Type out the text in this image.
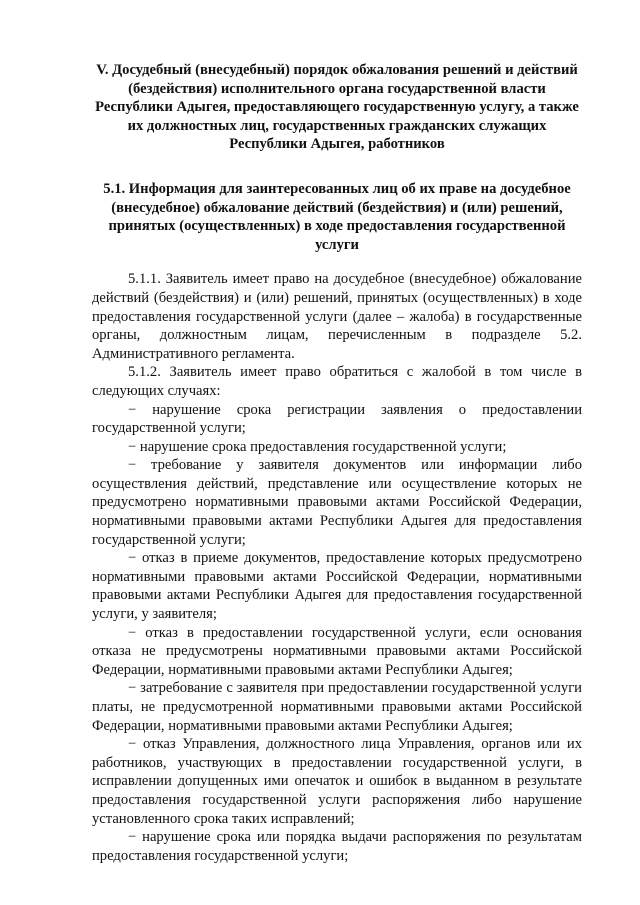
V. Досудебный (внесудебный) порядок обжалования решений и действий (бездействия) исполнительного органа государственной власти Республики Адыгея, предоставляющего государственную услугу, а также их должностных лиц, государственных гражданских служащих Республики Адыгея, работников
5.1. Информация для заинтересованных лиц об их праве на досудебное (внесудебное) обжалование действий (бездействия) и (или) решений, принятых (осуществленных) в ходе предоставления государственной услуги

5.1.1. Заявитель имеет право на досудебное (внесудебное) обжалование действий (бездействия) и (или) решений, принятых (осуществленных) в ходе предоставления государственной услуги (далее – жалоба) в государственные органы, должностным лицам, перечисленным в подразделе 5.2. Административного регламента.

5.1.2. Заявитель имеет право обратиться с жалобой в том числе в следующих случаях:

− нарушение срока регистрации заявления о предоставлении государственной услуги;

− нарушение срока предоставления государственной услуги;

− требование у заявителя документов или информации либо осуществления действий, представление или осуществление которых не предусмотрено нормативными правовыми актами Российской Федерации, нормативными правовыми актами Республики Адыгея для предоставления государственной услуги;

− отказ в приеме документов, предоставление которых предусмотрено нормативными правовыми актами Российской Федерации, нормативными правовыми актами Республики Адыгея для предоставления государственной услуги, у заявителя;

− отказ в предоставлении государственной услуги, если основания отказа не предусмотрены нормативными правовыми актами Российской Федерации, нормативными правовыми актами Республики Адыгея;

− затребование с заявителя при предоставлении государственной услуги платы, не предусмотренной нормативными правовыми актами Российской Федерации, нормативными правовыми актами Республики Адыгея;

− отказ Управления, должностного лица Управления, органов или их работников, участвующих в предоставлении государственной услуги, в исправлении допущенных ими опечаток и ошибок в выданном в результате предоставления государственной услуги распоряжения либо нарушение установленного срока таких исправлений;

− нарушение срока или порядка выдачи распоряжения по результатам предоставления государственной услуги;
